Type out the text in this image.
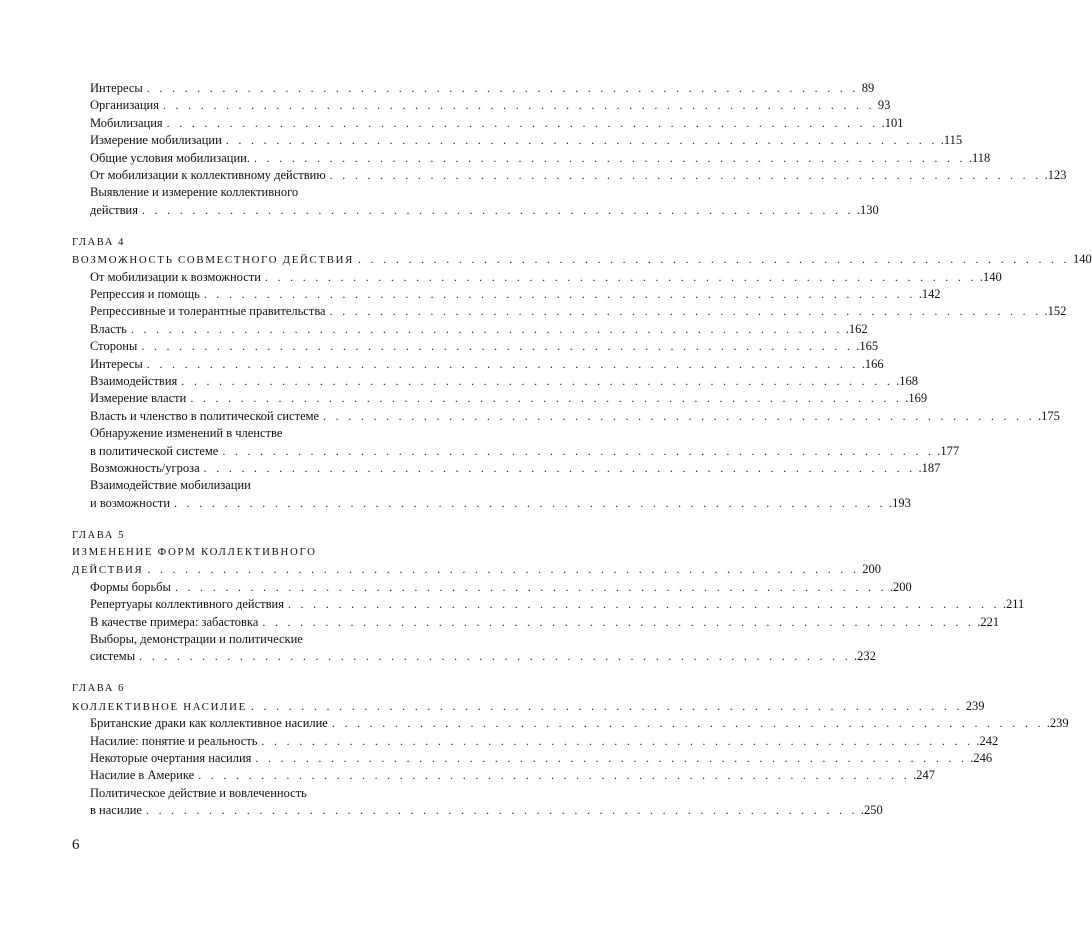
Интересы . . . . . . . . . . . . . . . . . . . . . . . . . . . . . . . . . . . . . . . . . . . . . . . . . . . . . . . . . 89
Организация . . . . . . . . . . . . . . . . . . . . . . . . . . . . . . . . . . . . . . . . . . . . . . . . . . . . . . . . . 93
Мобилизация . . . . . . . . . . . . . . . . . . . . . . . . . . . . . . . . . . . . . . . . . . . . . . . . . . . . . . . . . .101
Измерение мобилизации . . . . . . . . . . . . . . . . . . . . . . . . . . . . . . . . . . . . . . . . . . . . . . . . . . . . . . . . . .115
Общие условия мобилизации. . . . . . . . . . . . . . . . . . . . . . . . . . . . . . . . . . . . . . . . . . . . . . . . . . . . . . . . . . .118
От мобилизации к коллективному действию . . . . . . . . . . . . . . . . . . . . . . . . . . . . . . . . . . . . . . . . . . . . . . . . . . . . . . . . . .123
Выявление и измерение коллективного
действия . . . . . . . . . . . . . . . . . . . . . . . . . . . . . . . . . . . . . . . . . . . . . . . . . . . . . . . . . .130
ГЛАВА 4
ВОЗМОЖНОСТЬ СОВМЕСТНОГО ДЕЙСТВИЯ . . . . . . . . . . . . . . . . . . . . . . . . . . . . . . . . . . . . . . . . . . . . . . . . . . . . . . . . . 140
От мобилизации к возможности . . . . . . . . . . . . . . . . . . . . . . . . . . . . . . . . . . . . . . . . . . . . . . . . . . . . . . . . . .140
Репрессия и помощь . . . . . . . . . . . . . . . . . . . . . . . . . . . . . . . . . . . . . . . . . . . . . . . . . . . . . . . . . .142
Репрессивные и толерантные правительства . . . . . . . . . . . . . . . . . . . . . . . . . . . . . . . . . . . . . . . . . . . . . . . . . . . . . . . . . .152
Власть . . . . . . . . . . . . . . . . . . . . . . . . . . . . . . . . . . . . . . . . . . . . . . . . . . . . . . . . . .162
Стороны . . . . . . . . . . . . . . . . . . . . . . . . . . . . . . . . . . . . . . . . . . . . . . . . . . . . . . . . . .165
Интересы . . . . . . . . . . . . . . . . . . . . . . . . . . . . . . . . . . . . . . . . . . . . . . . . . . . . . . . . . .166
Взаимодействия . . . . . . . . . . . . . . . . . . . . . . . . . . . . . . . . . . . . . . . . . . . . . . . . . . . . . . . . . .168
Измерение власти . . . . . . . . . . . . . . . . . . . . . . . . . . . . . . . . . . . . . . . . . . . . . . . . . . . . . . . . . .169
Власть и членство в политической системе . . . . . . . . . . . . . . . . . . . . . . . . . . . . . . . . . . . . . . . . . . . . . . . . . . . . . . . . . .175
Обнаружение изменений в членстве
в политической системе . . . . . . . . . . . . . . . . . . . . . . . . . . . . . . . . . . . . . . . . . . . . . . . . . . . . . . . . . .177
Возможность/угроза . . . . . . . . . . . . . . . . . . . . . . . . . . . . . . . . . . . . . . . . . . . . . . . . . . . . . . . . . .187
Взаимодействие мобилизации
и возможности . . . . . . . . . . . . . . . . . . . . . . . . . . . . . . . . . . . . . . . . . . . . . . . . . . . . . . . . . .193
ГЛАВА 5
ИЗМЕНЕНИЕ ФОРМ КОЛЛЕКТИВНОГО
ДЕЙСТВИЯ . . . . . . . . . . . . . . . . . . . . . . . . . . . . . . . . . . . . . . . . . . . . . . . . . . . . . . . . . 200
Формы борьбы . . . . . . . . . . . . . . . . . . . . . . . . . . . . . . . . . . . . . . . . . . . . . . . . . . . . . . . . . .200
Репертуары коллективного действия . . . . . . . . . . . . . . . . . . . . . . . . . . . . . . . . . . . . . . . . . . . . . . . . . . . . . . . . . .211
В качестве примера: забастовка . . . . . . . . . . . . . . . . . . . . . . . . . . . . . . . . . . . . . . . . . . . . . . . . . . . . . . . . . .221
Выборы, демонстрации и политические
системы . . . . . . . . . . . . . . . . . . . . . . . . . . . . . . . . . . . . . . . . . . . . . . . . . . . . . . . . . .232
ГЛАВА 6
КОЛЛЕКТИВНОЕ НАСИЛИЕ . . . . . . . . . . . . . . . . . . . . . . . . . . . . . . . . . . . . . . . . . . . . . . . . . . . . . . . . . 239
Британские драки как коллективное насилие . . . . . . . . . . . . . . . . . . . . . . . . . . . . . . . . . . . . . . . . . . . . . . . . . . . . . . . . . .239
Насилие: понятие и реальность . . . . . . . . . . . . . . . . . . . . . . . . . . . . . . . . . . . . . . . . . . . . . . . . . . . . . . . . . .242
Некоторые очертания насилия . . . . . . . . . . . . . . . . . . . . . . . . . . . . . . . . . . . . . . . . . . . . . . . . . . . . . . . . . .246
Насилие в Америке . . . . . . . . . . . . . . . . . . . . . . . . . . . . . . . . . . . . . . . . . . . . . . . . . . . . . . . . . .247
Политическое действие и вовлеченность
в насилие . . . . . . . . . . . . . . . . . . . . . . . . . . . . . . . . . . . . . . . . . . . . . . . . . . . . . . . . . .250
6
